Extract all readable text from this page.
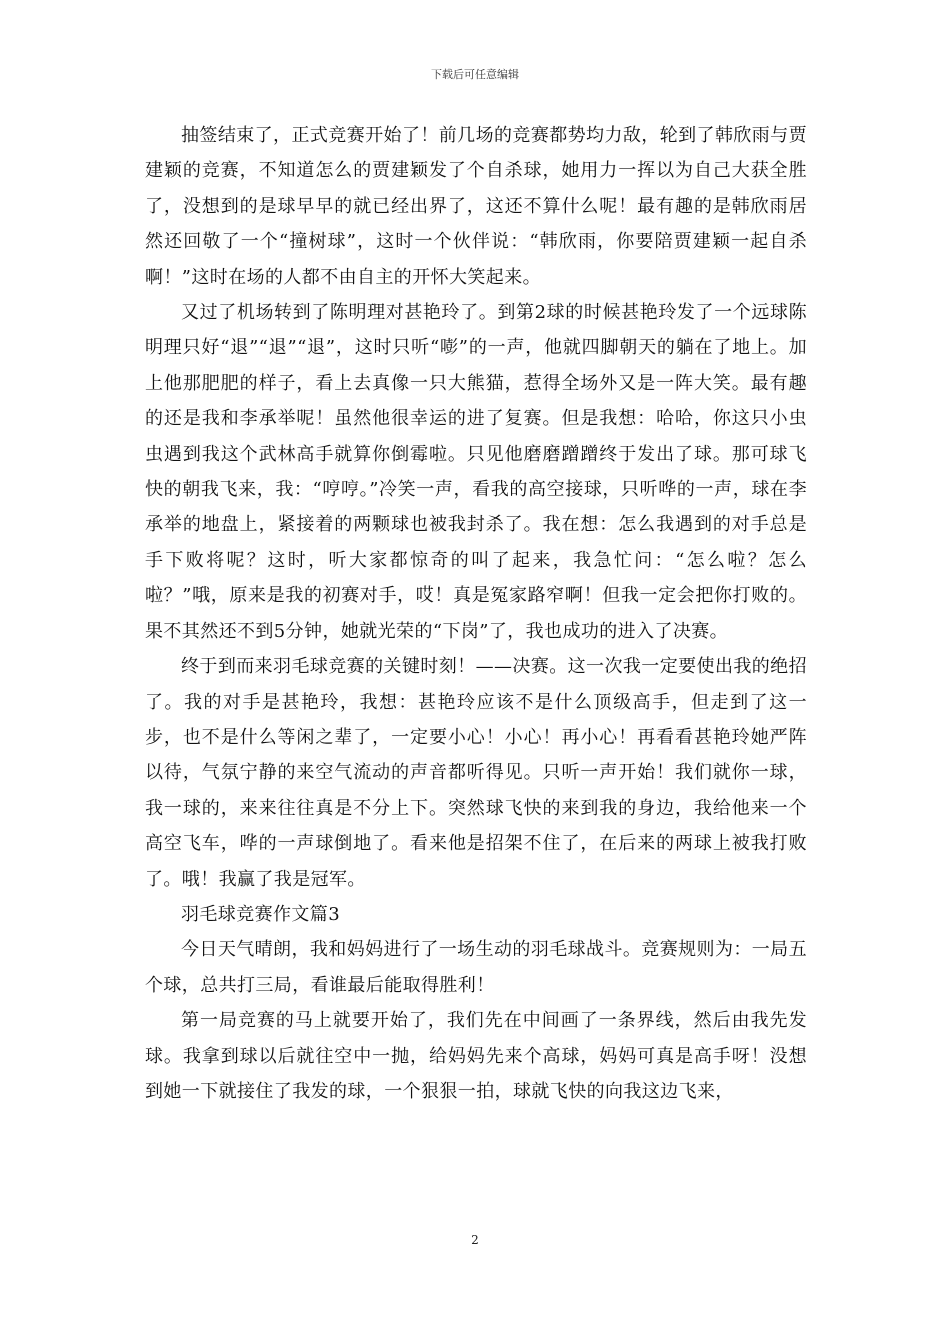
下载后可任意编辑

抽签结束了，正式竞赛开始了！前几场的竞赛都势均力敌，轮到了韩欣雨与贾建颖的竞赛，不知道怎么的贾建颖发了个自杀球，她用力一挥以为自己大获全胜了，没想到的是球早早的就已经出界了，这还不算什么呢！最有趣的是韩欣雨居然还回敬了一个“撞树球”，这时一个伙伴说：“韩欣雨，你要陪贾建颖一起自杀啊！”这时在场的人都不由自主的开怀大笑起来。

又过了机场转到了陈明理对甚艳玲了。到第2球的时候甚艳玲发了一个远球陈明理只好“退”“退”“退”，这时只听“嘭”的一声，他就四脚朝天的躺在了地上。加上他那肥肥的样子，看上去真像一只大熊猫，惹得全场外又是一阵大笑。最有趣的还是我和李承举呢！虽然他很幸运的进了复赛。但是我想：哈哈，你这只小虫虫遇到我这个武林高手就算你倒霉啦。只见他磨磨蹭蹭终于发出了球。那可球飞快的朝我飞来，我：“哼哼。”冷笑一声，看我的高空接球，只听哗的一声，球在李承举的地盘上，紧接着的两颗球也被我封杀了。我在想：怎么我遇到的对手总是手下败将呢？这时，听大家都惊奇的叫了起来，我急忙问：“怎么啦？怎么啦？”哦，原来是我的初赛对手，哎！真是冤家路窄啊！但我一定会把你打败的。果不其然还不到5分钟，她就光荣的“下岗”了，我也成功的进入了决赛。

终于到而来羽毛球竞赛的关键时刻！——决赛。这一次我一定要使出我的绝招了。我的对手是甚艳玲，我想：甚艳玲应该不是什么顶级高手，但走到了这一步，也不是什么等闲之辈了，一定要小心！小心！再小心！再看看甚艳玲她严阵以待，气氛宁静的来空气流动的声音都听得见。只听一声开始！我们就你一球，我一球的，来来往往真是不分上下。突然球飞快的来到我的身边，我给他来一个高空飞车，哗的一声球倒地了。看来他是招架不住了，在后来的两球上被我打败了。哦！我赢了我是冠军。

羽毛球竞赛作文篇3

今日天气晴朗，我和妈妈进行了一场生动的羽毛球战斗。竞赛规则为：一局五个球，总共打三局，看谁最后能取得胜利！

第一局竞赛的马上就要开始了，我们先在中间画了一条界线，然后由我先发球。我拿到球以后就往空中一抛，给妈妈先来个高球，妈妈可真是高手呀！没想到她一下就接住了我发的球，一个狠狠一拍，球就飞快的向我这边飞来，

2
